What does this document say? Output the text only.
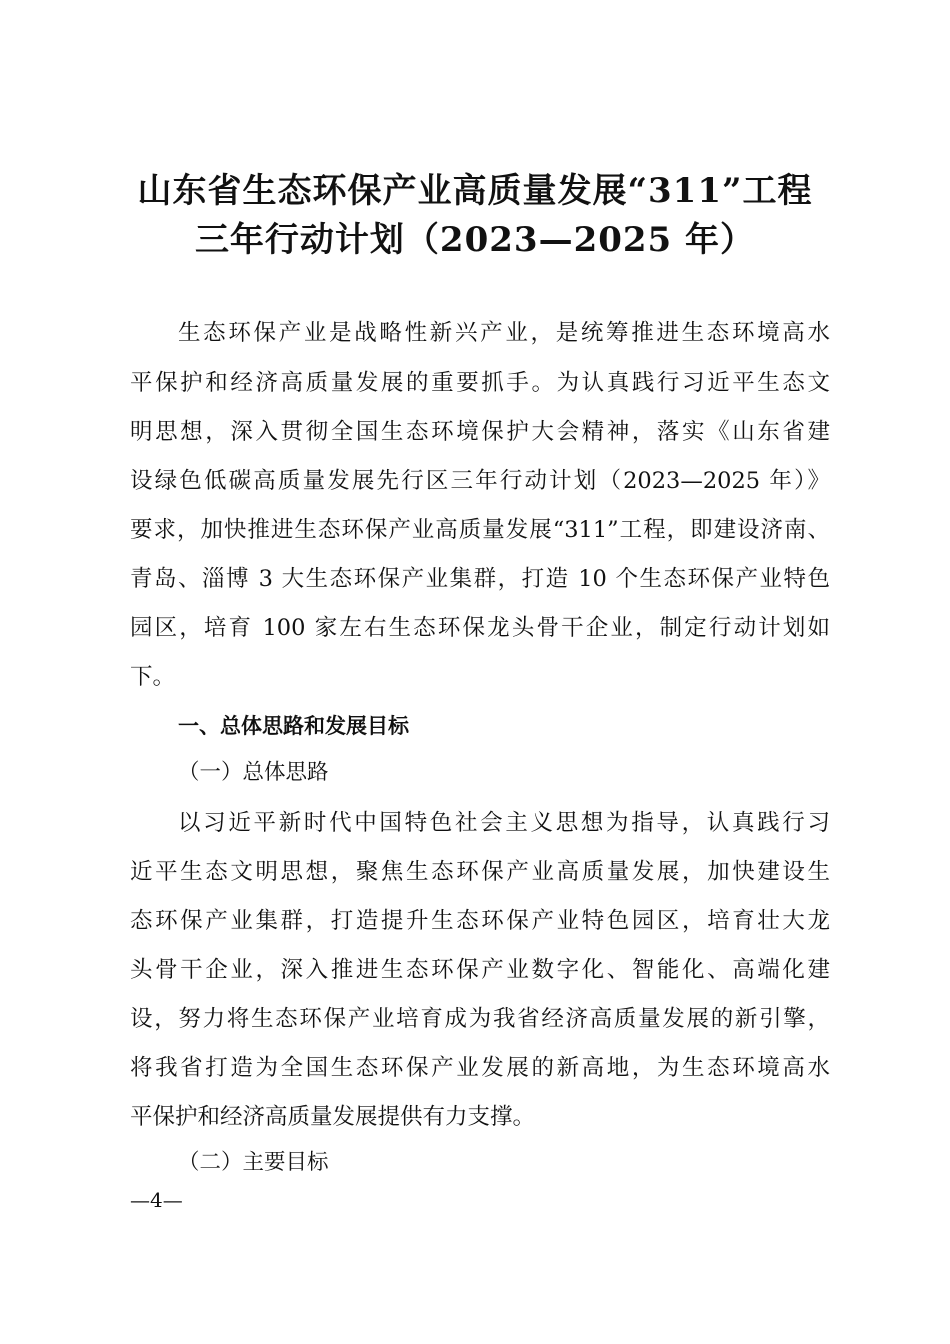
山东省生态环保产业高质量发展“311”工程
三年行动计划（2023—2025 年）
生态环保产业是战略性新兴产业，是统筹推进生态环境高水
平保护和经济高质量发展的重要抓手。为认真践行习近平生态文
明思想，深入贯彻全国生态环境保护大会精神，落实《山东省建
设绿色低碳高质量发展先行区三年行动计划（2023—2025 年）》
要求，加快推进生态环保产业高质量发展“311”工程，即建设济南、
青岛、淄博 3 大生态环保产业集群，打造 10 个生态环保产业特色
园区，培育 100 家左右生态环保龙头骨干企业，制定行动计划如
下。
一、总体思路和发展目标
（一）总体思路
以习近平新时代中国特色社会主义思想为指导，认真践行习
近平生态文明思想，聚焦生态环保产业高质量发展，加快建设生
态环保产业集群，打造提升生态环保产业特色园区，培育壮大龙
头骨干企业，深入推进生态环保产业数字化、智能化、高端化建
设，努力将生态环保产业培育成为我省经济高质量发展的新引擎，
将我省打造为全国生态环保产业发展的新高地，为生态环境高水
平保护和经济高质量发展提供有力支撑。
（二）主要目标
—4—
